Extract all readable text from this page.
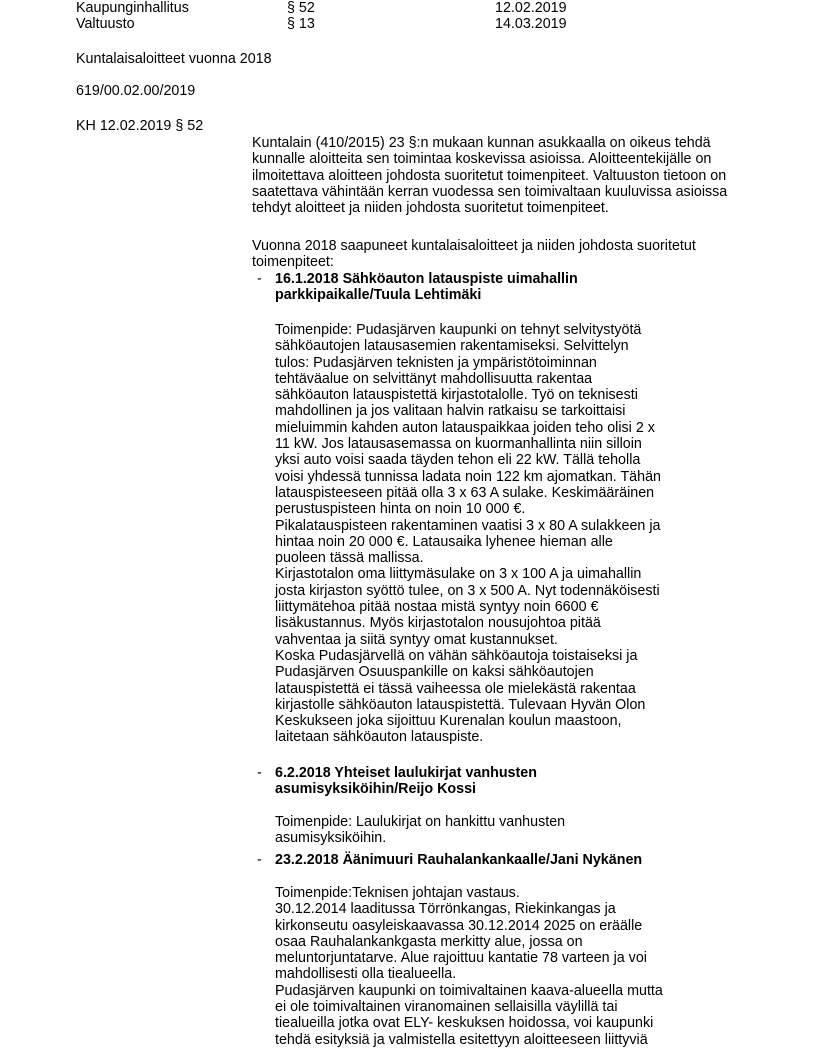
Kaupunginhallitus	§ 52	12.02.2019
Valtuusto	§ 13	14.03.2019
Kuntalaisaloitteet vuonna 2018
619/00.02.00/2019
KH 12.02.2019 § 52
Kuntalain (410/2015) 23 §:n mukaan kunnan asukkaalla on oikeus tehdä
kunnalle aloitteita sen toimintaa koskevissa asioissa. Aloitteentekijälle on
ilmoitettava aloitteen johdosta suoritetut toimenpiteet. Valtuuston tietoon on
saatettava vähintään kerran vuodessa sen toimivaltaan kuuluvissa asioissa
tehdyt aloitteet ja niiden johdosta suoritetut toimenpiteet.
Vuonna 2018 saapuneet kuntalaisaloitteet ja niiden johdosta suoritetut
toimenpiteet:
- 16.1.2018 Sähköauton latauspiste uimahallin
parkkipaikalle/Tuula Lehtimäki
Toimenpide: Pudasjärven kaupunki on tehnyt selvitystyötä
sähköautojen latausasemien rakentamiseksi. Selvittelyn
tulos: Pudasjärven teknisten ja ympäristötoiminnan
tehtäväalue on selvittänyt mahdollisuutta rakentaa
sähköauton latauspistettä kirjastotalolle. Työ on teknisesti
mahdollinen ja jos valitaan halvin ratkaisu se tarkoittaisi
mieluimmin kahden auton latauspaikkaa joiden teho olisi 2 x
11 kW. Jos latausasemassa on kuormanhallinta niin silloin
yksi auto voisi saada täyden tehon eli 22 kW. Tällä teholla
voisi yhdessä tunnissa ladata noin 122 km ajomatkan. Tähän
latauspisteeseen pitää olla 3 x 63 A sulake. Keskimääräinen
perustuspisteen hinta on noin 10 000 €.
Pikalatauspisteen rakentaminen vaatisi 3 x 80 A sulakkeen ja
hintaa noin 20 000 €. Latausaika lyhenee hieman alle
puoleen tässä mallissa.
Kirjastotalon oma liittymäsulake on 3 x 100 A ja uimahallin
josta kirjaston syöttö tulee, on 3 x 500 A. Nyt todennäköisesti
liittymätehoa pitää nostaa mistä syntyy noin 6600 €
lisäkustannus. Myös kirjastotalon nousujohtoa pitää
vahventaa ja siitä syntyy omat kustannukset.
Koska Pudasjärvellä on vähän sähköautoja toistaiseksi ja
Pudasjärven Osuuspankille on kaksi sähköautojen
latauspistettä ei tässä vaiheessa ole mielekästä rakentaa
kirjastolle sähköauton latauspistettä. Tulevaan Hyvän Olon
Keskukseen joka sijoittuu Kurenalan koulun maastoon,
laitetaan sähköauton latauspiste.
- 6.2.2018 Yhteiset laulukirjat vanhusten
asumisyksiköihin/Reijo Kossi
Toimenpide: Laulukirjat on hankittu vanhusten
asumisyksiköihin.
- 23.2.2018 Äänimuuri Rauhalankankaalle/Jani Nykänen
Toimenpide:Teknisen johtajan vastaus.
30.12.2014 laaditussa Törrönkangas, Riekinkangas ja
kirkonseutu oasyleiskaavassa 30.12.2014 2025 on eräälle
osaa Rauhalankankgasta merkitty alue, jossa on
meluntorjuntatarve. Alue rajoittuu kantatie 78 varteen ja voi
mahdollisesti olla tiealueella.
Pudasjärven kaupunki on toimivaltainen kaava-alueella mutta
ei ole toimivaltainen viranomainen sellaisilla väylillä tai
tiealueilla jotka ovat ELY- keskuksen hoidossa, voi kaupunki
tehdä esityksiä ja valmistella esitettyyn aloitteeseen liittyviä
